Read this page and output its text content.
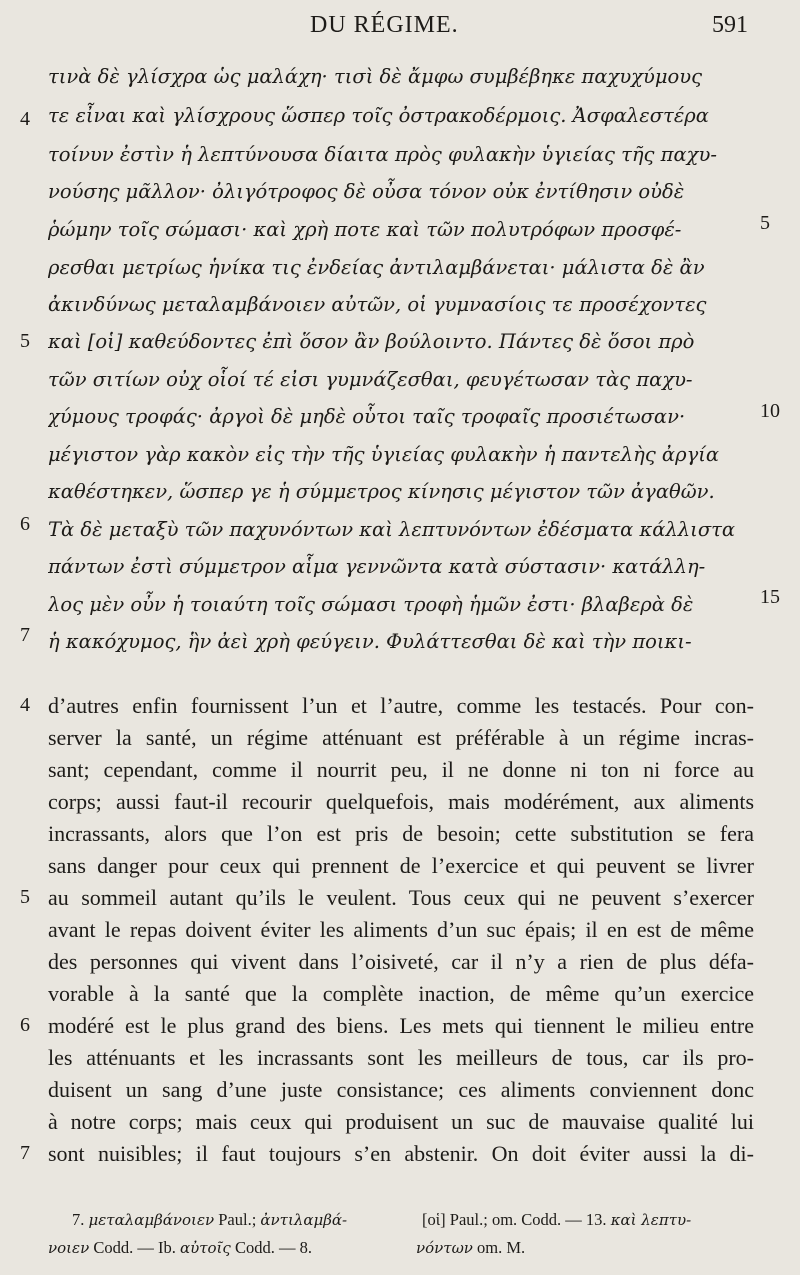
DU RÉGIME.	591
τινὰ δὲ γλίσχρα ὡς μαλάχη· τισὶ δὲ ἄμφω συμβέβηκε παχυχύμους
τε εἶναι καὶ γλίσχρους ὥσπερ τοῖς ὀστρακοδέρμοις. Ἀσφαλεστέρα
τοίνυν ἐστὶν ἡ λεπτύνουσα δίαιτα πρὸς φυλακὴν ὑγιείας τῆς παχυ-
νούσης μᾶλλον· ὀλιγότροφος δὲ οὖσα τόνον οὐκ ἐντίθησιν οὐδὲ
ῥώμην τοῖς σώμασι· καὶ χρὴ ποτε καὶ τῶν πολυτρόφων προσφέ-
ρεσθαι μετρίως ἡνίκα τις ἐνδείας ἀντιλαμβάνεται· μάλιστα δὲ ἂν
ἀκινδύνως μεταλαμβάνοιεν αὐτῶν, οἱ γυμνασίοις τε προσέχοντες
καὶ [οἱ] καθεύδοντες ἐπὶ ὅσον ἂν βούλοιντο. Πάντες δὲ ὅσοι πρὸ
τῶν σιτίων οὐχ οἷοί τέ εἰσι γυμνάζεσθαι, φευγέτωσαν τὰς παχυ-
χύμους τροφάς· ἀργοὶ δὲ μηδὲ οὗτοι ταῖς τροφαῖς προσιέτωσαν·
μέγιστον γὰρ κακὸν εἰς τὴν τῆς ὑγιείας φυλακὴν ἡ παντελὴς ἀργία
καθέστηκεν, ὥσπερ γε ἡ σύμμετρος κίνησις μέγιστον τῶν ἀγαθῶν.
Τὰ δὲ μεταξὺ τῶν παχυνόντων καὶ λεπτυνόντων ἐδέσματα κάλλιστα
πάντων ἐστὶ σύμμετρον αἷμα γεννῶντα κατὰ σύστασιν· κατάλλη-
λος μὲν οὖν ἡ τοιαύτη τοῖς σώμασι τροφὴ ἡμῶν ἐστι· βλαβερὰ δὲ
ἡ κακόχυμος, ἣν ἀεὶ χρὴ φεύγειν. Φυλάττεσθαι δὲ καὶ τὴν ποικι-
4
5
6
7
5
10
15
d’autres enfin fournissent l’un et l’autre, comme les testacés. Pour con-
server la santé, un régime atténuant est préférable à un régime incras-
sant; cependant, comme il nourrit peu, il ne donne ni ton ni force au
corps; aussi faut-il recourir quelquefois, mais modérément, aux aliments
incrassants, alors que l’on est pris de besoin; cette substitution se fera
sans danger pour ceux qui prennent de l’exercice et qui peuvent se livrer
au sommeil autant qu’ils le veulent. Tous ceux qui ne peuvent s’exercer
avant le repas doivent éviter les aliments d’un suc épais; il en est de même
des personnes qui vivent dans l’oisiveté, car il n’y a rien de plus défa-
vorable à la santé que la complète inaction, de même qu’un exercice
modéré est le plus grand des biens. Les mets qui tiennent le milieu entre
les atténuants et les incrassants sont les meilleurs de tous, car ils pro-
duisent un sang d’une juste consistance; ces aliments conviennent donc
à notre corps; mais ceux qui produisent un suc de mauvaise qualité lui
sont nuisibles; il faut toujours s’en abstenir. On doit éviter aussi la di-
4
5
6
7
7. μεταλαμβάνοιεν Paul.; ἀντιλαμβά-
νοιεν Codd. — Ib. αὐτοῖς Codd. — 8.
[οἱ] Paul.; om. Codd. — 13. καὶ λεπτυ-
νόντων om. M.
